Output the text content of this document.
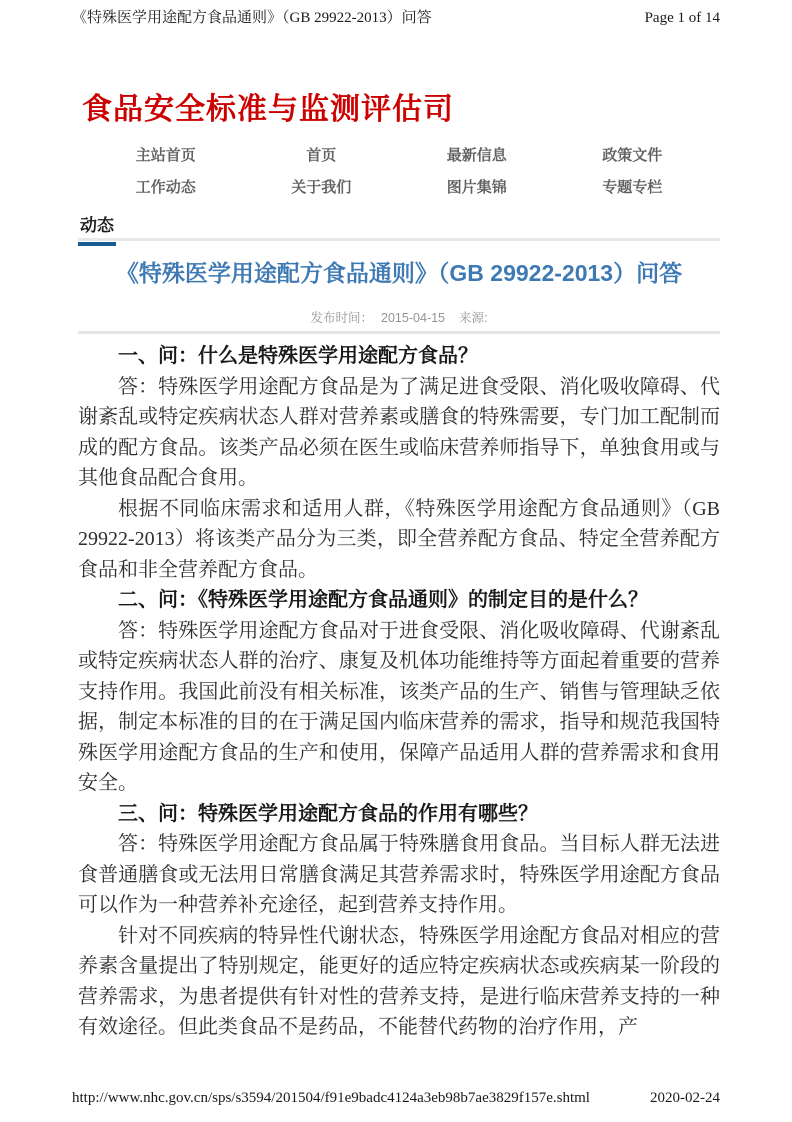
《特殊医学用途配方食品通则》（GB 29922-2013）问答	Page 1 of 14
食品安全标准与监测评估司
主站首页	首页	最新信息	政策文件
工作动态	关于我们	图片集锦	专题专栏
动态
《特殊医学用途配方食品通则》（GB 29922-2013）问答
发布时间： 2015-04-15 来源:

一、问：什么是特殊医学用途配方食品？

答：特殊医学用途配方食品是为了满足进食受限、消化吸收障碍、代谢紊乱或特定疾病状态人群对营养素或膳食的特殊需要，专门加工配制而成的配方食品。该类产品必须在医生或临床营养师指导下，单独食用或与其他食品配合食用。

根据不同临床需求和适用人群，《特殊医学用途配方食品通则》（GB 29922-2013）将该类产品分为三类，即全营养配方食品、特定全营养配方食品和非全营养配方食品。

二、问：《特殊医学用途配方食品通则》的制定目的是什么？

答：特殊医学用途配方食品对于进食受限、消化吸收障碍、代谢紊乱或特定疾病状态人群的治疗、康复及机体功能维持等方面起着重要的营养支持作用。我国此前没有相关标准，该类产品的生产、销售与管理缺乏依据，制定本标准的目的在于满足国内临床营养的需求，指导和规范我国特殊医学用途配方食品的生产和使用，保障产品适用人群的营养需求和食用安全。

三、问：特殊医学用途配方食品的作用有哪些？

答：特殊医学用途配方食品属于特殊膳食用食品。当目标人群无法进食普通膳食或无法用日常膳食满足其营养需求时，特殊医学用途配方食品可以作为一种营养补充途径，起到营养支持作用。

针对不同疾病的特异性代谢状态，特殊医学用途配方食品对相应的营养素含量提出了特别规定，能更好的适应特定疾病状态或疾病某一阶段的营养需求，为患者提供有针对性的营养支持，是进行临床营养支持的一种有效途径。但此类食品不是药品，不能替代药物的治疗作用，产

http://www.nhc.gov.cn/sps/s3594/201504/f91e9badc4124a3eb98b7ae3829f157e.shtml	2020-02-24
